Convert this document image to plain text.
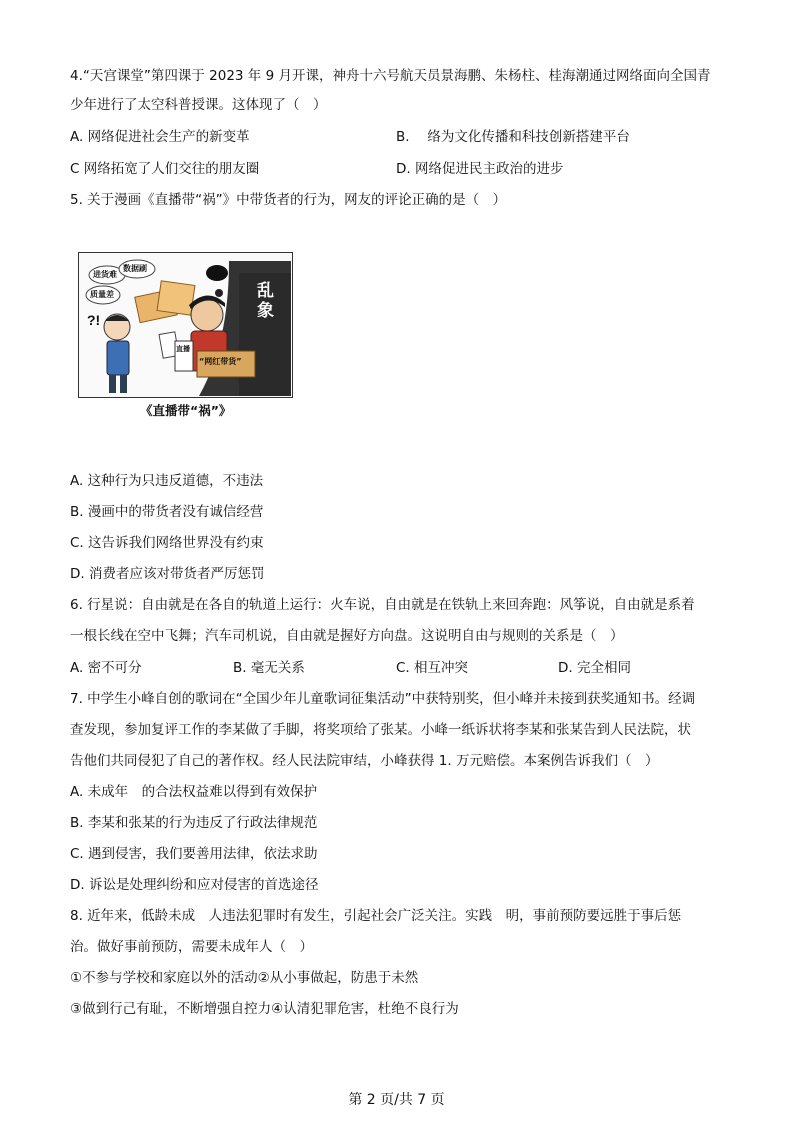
4.“天宫课堂”第四课于 2023 年 9 月开课，神舟十六号航天员景海鹏、朱杨柱、桂海潮通过网络面向全国青
少年进行了太空科普授课。这体现了（　）
A. 网络促进社会生产的新变革	B.　 络为文化传播和科技创新搭建平台
C 网络拓宽了人们交往的朋友圈	D. 网络促进民主政治的进步
5. 关于漫画《直播带“祸”》中带货者的行为，网友的评论正确的是（　）
?!
进货难
数据刷
质量差	乱象
“网红带货”
直播
《直播带“祸”》
A. 这种行为只违反道德，不违法
B. 漫画中的带货者没有诚信经营
C. 这告诉我们网络世界没有约束
D. 消费者应该对带货者严厉惩罚
6. 行星说：自由就是在各自的轨道上运行：火车说，自由就是在铁轨上来回奔跑：风筝说，自由就是系着
一根长线在空中飞舞；汽车司机说，自由就是握好方向盘。这说明自由与规则的关系是（　）
A. 密不可分	B. 毫无关系	C. 相互冲突	D. 完全相同
7. 中学生小峰自创的歌词在“全国少年儿童歌词征集活动”中获特别奖，但小峰并未接到获奖通知书。经调
查发现，参加复评工作的李某做了手脚，将奖项给了张某。小峰一纸诉状将李某和张某告到人民法院，状
告他们共同侵犯了自己的著作权。经人民法院审结，小峰获得 1. 万元赔偿。本案例告诉我们（　）
A. 未成年　的合法权益难以得到有效保护
B. 李某和张某的行为违反了行政法律规范
C. 遇到侵害，我们要善用法律，依法求助
D. 诉讼是处理纠纷和应对侵害的首选途径
8. 近年来，低龄未成　人违法犯罪时有发生，引起社会广泛关注。实践　明，事前预防要远胜于事后惩
治。做好事前预防，需要未成年人（　）
①不参与学校和家庭以外的活动②从小事做起，防患于未然
③做到行己有耻，不断增强自控力④认清犯罪危害，杜绝不良行为
第 2 页/共 7 页
